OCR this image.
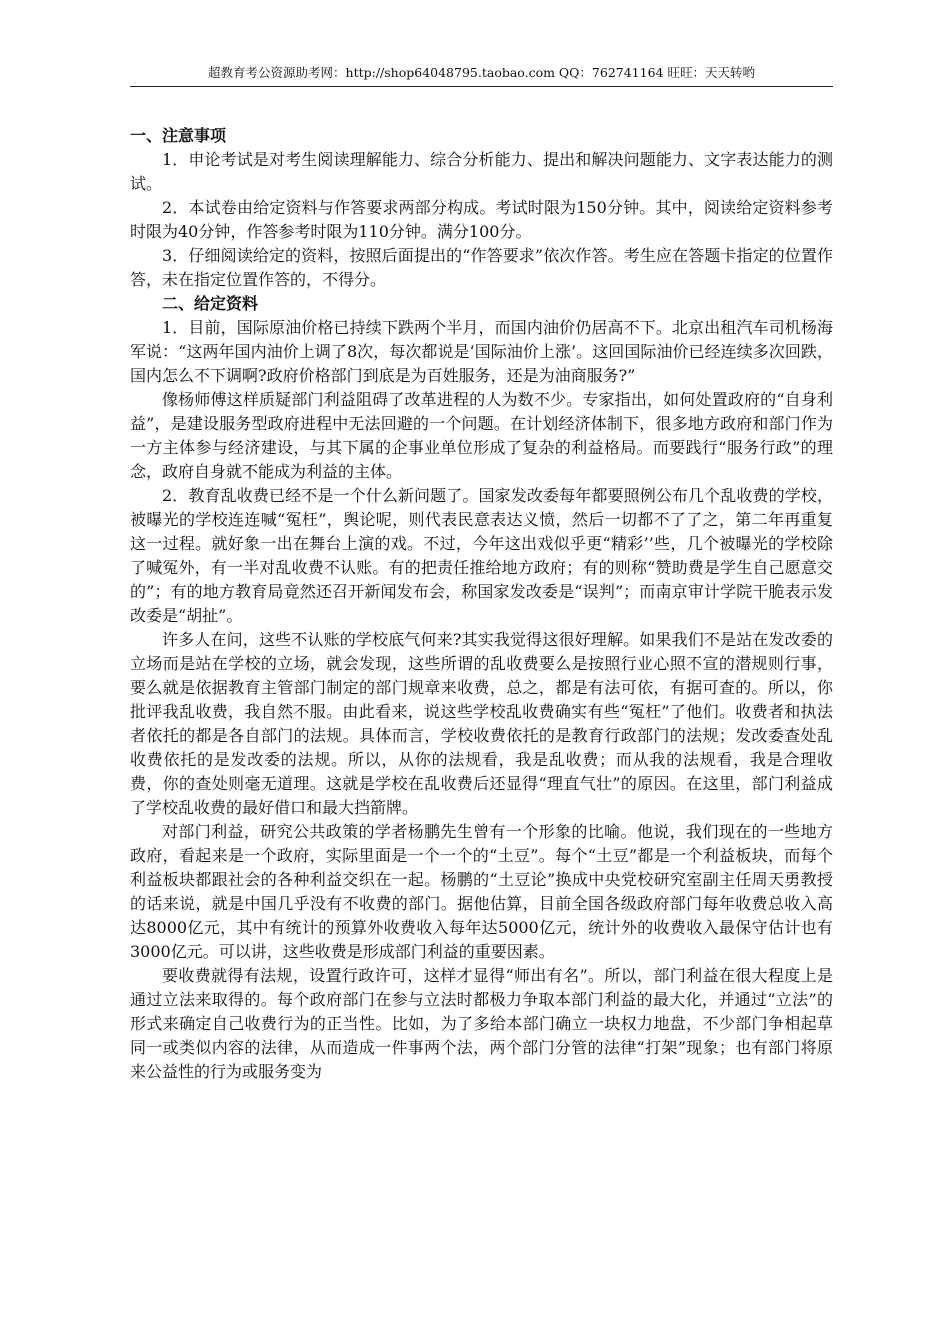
超教育考公资源助考网：http://shop64048795.taobao.com QQ：762741164 旺旺：天天转哟
一、注意事项

1．申论考试是对考生阅读理解能力、综合分析能力、提出和解决问题能力、文字表达能力的测试。

2．本试卷由给定资料与作答要求两部分构成。考试时限为150分钟。其中，阅读给定资料参考时限为40分钟，作答参考时限为110分钟。满分100分。

3．仔细阅读给定的资料，按照后面提出的“作答要求”依次作答。考生应在答题卡指定的位置作答，未在指定位置作答的，不得分。

二、给定资料

1．目前，国际原油价格已持续下跌两个半月，而国内油价仍居高不下。北京出租汽车司机杨海军说：“这两年国内油价上调了8次，每次都说是‘国际油价上涨’。这回国际油价已经连续多次回跌，国内怎么不下调啊?政府价格部门到底是为百姓服务，还是为油商服务?”

像杨师傅这样质疑部门利益阻碍了改革进程的人为数不少。专家指出，如何处置政府的“自身利益”，是建设服务型政府进程中无法回避的一个问题。在计划经济体制下，很多地方政府和部门作为一方主体参与经济建设，与其下属的企事业单位形成了复杂的利益格局。而要践行“服务行政”的理念，政府自身就不能成为利益的主体。

2．教育乱收费已经不是一个什么新问题了。国家发改委每年都要照例公布几个乱收费的学校，被曝光的学校连连喊“冤枉”，舆论呢，则代表民意表达义愤，然后一切都不了了之，第二年再重复这一过程。就好象一出在舞台上演的戏。不过，今年这出戏似乎更“精彩’’些，几个被曝光的学校除了喊冤外，有一半对乱收费不认账。有的把责任推给地方政府；有的则称“赞助费是学生自己愿意交的”；有的地方教育局竟然还召开新闻发布会，称国家发改委是“误判”；而南京审计学院干脆表示发改委是“胡扯”。

许多人在问，这些不认账的学校底气何来?其实我觉得这很好理解。如果我们不是站在发改委的立场而是站在学校的立场，就会发现，这些所谓的乱收费要么是按照行业心照不宣的潜规则行事，要么就是依据教育主管部门制定的部门规章来收费，总之，都是有法可依，有据可查的。所以，你批评我乱收费，我自然不服。由此看来，说这些学校乱收费确实有些“冤枉”了他们。收费者和执法者依托的都是各自部门的法规。具体而言，学校收费依托的是教育行政部门的法规；发改委查处乱收费依托的是发改委的法规。所以，从你的法规看，我是乱收费；而从我的法规看，我是合理收费，你的查处则毫无道理。这就是学校在乱收费后还显得“理直气壮”的原因。在这里，部门利益成了学校乱收费的最好借口和最大挡箭牌。

对部门利益，研究公共政策的学者杨鹏先生曾有一个形象的比喻。他说，我们现在的一些地方政府，看起来是一个政府，实际里面是一个一个的“土豆”。每个“土豆”都是一个利益板块，而每个利益板块都跟社会的各种利益交织在一起。杨鹏的“土豆论”换成中央党校研究室副主任周天勇教授的话来说，就是中国几乎没有不收费的部门。据他估算，目前全国各级政府部门每年收费总收入高达8000亿元，其中有统计的预算外收费收入每年达5000亿元，统计外的收费收入最保守估计也有3000亿元。可以讲，这些收费是形成部门利益的重要因素。

要收费就得有法规，设置行政许可，这样才显得“师出有名”。所以，部门利益在很大程度上是通过立法来取得的。每个政府部门在参与立法时都极力争取本部门利益的最大化，并通过“立法”的形式来确定自己收费行为的正当性。比如，为了多给本部门确立一块权力地盘，不少部门争相起草同一或类似内容的法律，从而造成一件事两个法，两个部门分管的法律“打架”现象；也有部门将原来公益性的行为或服务变为
